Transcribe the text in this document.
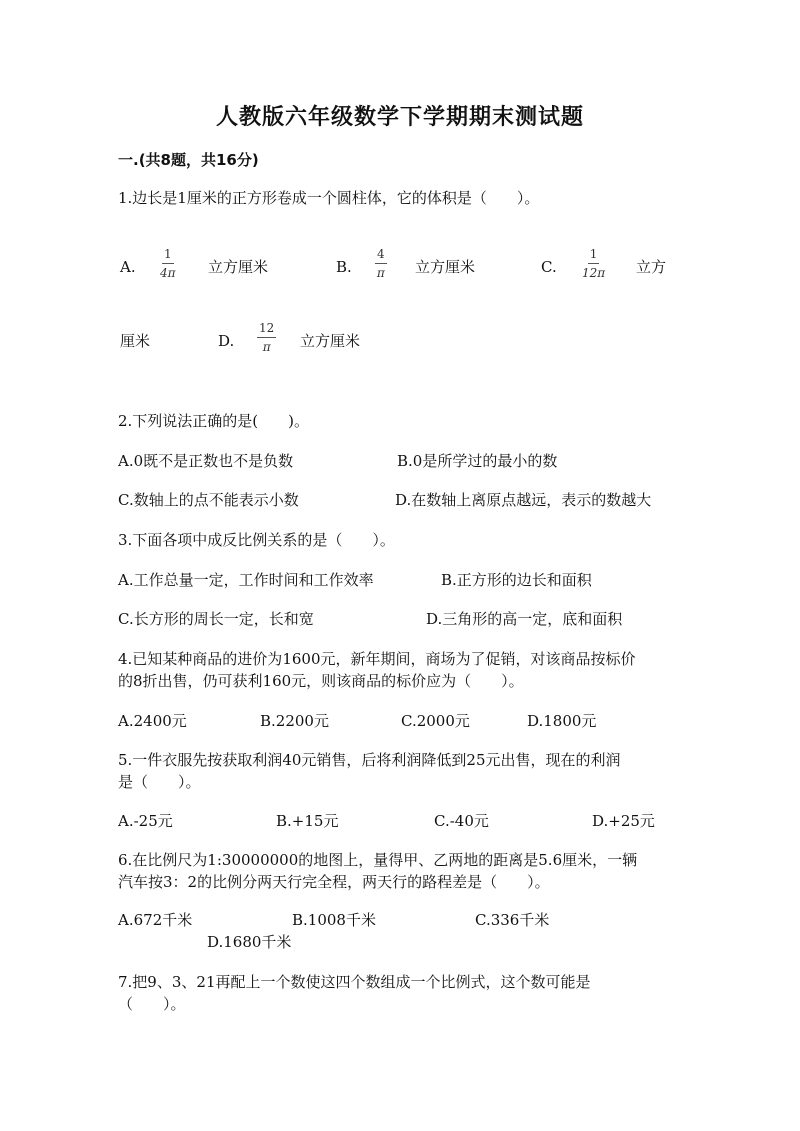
人教版六年级数学下学期期末测试题
一.(共8题，共16分)
1.边长是1厘米的正方形卷成一个圆柱体，它的体积是（　　）。
A. $\frac{1}{4\pi}$ 立方厘米	B. $\frac{4}{\pi}$ 立方厘米	C. $\frac{1}{12\pi}$ 立方
厘米	D. $\frac{12}{\pi}$ 立方厘米
2.下列说法正确的是(　　)。
A.0既不是正数也不是负数	B.0是所学过的最小的数
C.数轴上的点不能表示小数	D.在数轴上离原点越远，表示的数越大
3.下面各项中成反比例关系的是（　　）。
A.工作总量一定，工作时间和工作效率	B.正方形的边长和面积
C.长方形的周长一定，长和宽	D.三角形的高一定，底和面积
4.已知某种商品的进价为1600元，新年期间，商场为了促销，对该商品按标价
的8折出售，仍可获利160元，则该商品的标价应为（　　）。
A.2400元	B.2200元	C.2000元	D.1800元
5.一件衣服先按获取利润40元销售，后将利润降低到25元出售，现在的利润
是（　　）。
A.-25元	B.+15元	C.-40元	D.+25元
6.在比例尺为1:30000000的地图上，量得甲、乙两地的距离是5.6厘米，一辆
汽车按3：2的比例分两天行完全程，两天行的路程差是（　　）。
A.672千米	B.1008千米	C.336千米
D.1680千米
7.把9、3、21再配上一个数使这四个数组成一个比例式，这个数可能是
（　　）。
